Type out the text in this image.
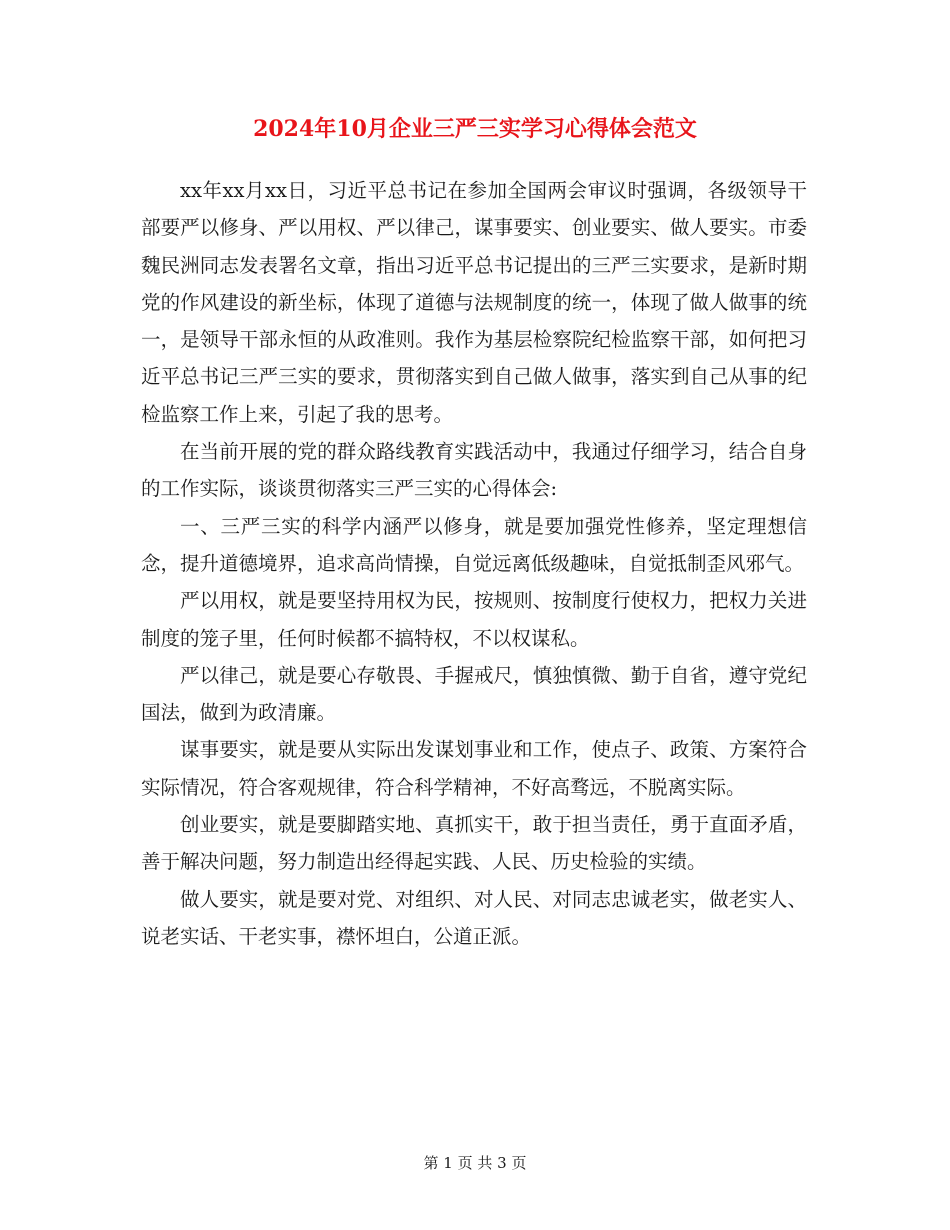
2024年10月企业三严三实学习心得体会范文

xx年xx月xx日，习近平总书记在参加全国两会审议时强调，各级领导干部要严以修身、严以用权、严以律己，谋事要实、创业要实、做人要实。市委魏民洲同志发表署名文章，指出习近平总书记提出的三严三实要求，是新时期党的作风建设的新坐标，体现了道德与法规制度的统一，体现了做人做事的统一，是领导干部永恒的从政准则。我作为基层检察院纪检监察干部，如何把习近平总书记三严三实的要求，贯彻落实到自己做人做事，落实到自己从事的纪检监察工作上来，引起了我的思考。

在当前开展的党的群众路线教育实践活动中，我通过仔细学习，结合自身的工作实际，谈谈贯彻落实三严三实的心得体会:

一、三严三实的科学内涵严以修身，就是要加强党性修养，坚定理想信念，提升道德境界，追求高尚情操，自觉远离低级趣味，自觉抵制歪风邪气。

严以用权，就是要坚持用权为民，按规则、按制度行使权力，把权力关进制度的笼子里，任何时候都不搞特权，不以权谋私。

严以律己，就是要心存敬畏、手握戒尺，慎独慎微、勤于自省，遵守党纪国法，做到为政清廉。

谋事要实，就是要从实际出发谋划事业和工作，使点子、政策、方案符合实际情况，符合客观规律，符合科学精神，不好高骛远，不脱离实际。

创业要实，就是要脚踏实地、真抓实干，敢于担当责任，勇于直面矛盾，善于解决问题，努力制造出经得起实践、人民、历史检验的实绩。

做人要实，就是要对党、对组织、对人民、对同志忠诚老实，做老实人、说老实话、干老实事，襟怀坦白，公道正派。

第 1 页 共 3 页
